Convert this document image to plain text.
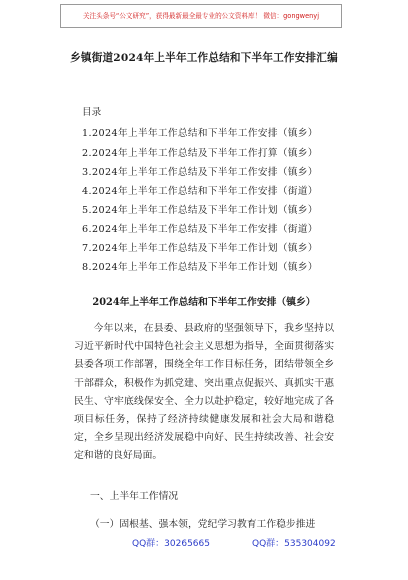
关注头条号“公文研究”，获得最新最全最专业的公文资料库！ 微信：gongwenyj
乡镇街道2024年上半年工作总结和下半年工作安排汇编
目录
1.2024年上半年工作总结和下半年工作安排（镇乡）
2.2024年上半年工作总结及下半年工作打算（镇乡）
3.2024年上半年工作总结及下半年工作安排（镇乡）
4.2024年上半年工作总结和下半年工作安排（街道）
5.2024年上半年工作总结及下半年工作计划（镇乡）
6.2024年上半年工作总结及下半年工作安排（街道）
7.2024年上半年工作总结及下半年工作计划（镇乡）
8.2024年上半年工作总结及下半年工作计划（镇乡）
2024年上半年工作总结和下半年工作安排（镇乡）

今年以来，在县委、县政府的坚强领导下，我乡坚持以习近平新时代中国特色社会主义思想为指导，全面贯彻落实县委各项工作部署，围绕全年工作目标任务，团结带领全乡干部群众，积极作为抓党建、突出重点促振兴、真抓实干惠民生、守牢底线保安全、全力以赴护稳定，较好地完成了各项目标任务，保持了经济持续健康发展和社会大局和谐稳定，全乡呈现出经济发展稳中向好、民生持续改善、社会安定和谐的良好局面。

一、上半年工作情况
（一）固根基、强本领，党纪学习教育工作稳步推进
QQ群：30265665	QQ群：535304092
